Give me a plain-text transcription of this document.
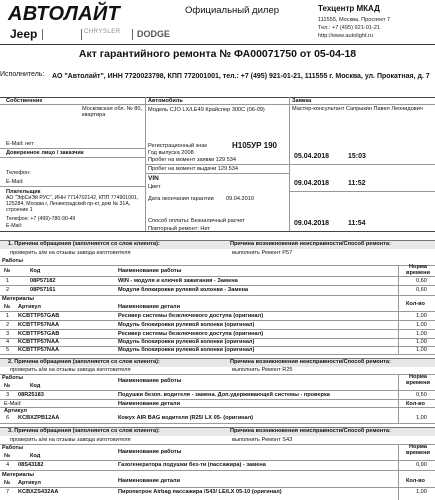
АВТОЛАЙТ
Jeep	CHRYSLER DODGE
Официальный дилер	Техцентр МКАД
111555, Москва, Проспект 7
Тел.: +7 (495) 921-01-21
http://www.autolight.ru
Акт гарантийного ремонта № ФА00071750 от 05-04-18
Исполнитель: АО "Автолайт", ИНН 7720023798, КПП 772001001, тел.: +7 (495) 921-01-21, 111555 г. Москва, ул. Прокатная, д. 7
Собственник	Автомобиль	Заявка
Московская обл. № 80, квартира
Модель CJO LX/LE49 Крайслер 300С (06-09)	Мастер-консультант Сапрыкин Павел Леонидович
E-Mail: нет
Доверенное лицо / заказчик
Телефон:
E-Mail:
Плательщик
АО "ЭфСиЭй РУС", ИНН 7714702142, КПП 774901001, 125284, Москва г, Ленинградский пр-кт, дом № 31А, строение 1
Телефон: +7 (499)-780-90-49
E-Mail:
Регистрационный знак	Н105УР 190
Год выпуска 2008
Пробег на момент заявки 129 534
Пробег на момент выдачи 129 534
VIN
Цвет
Дата окончания гарантии 09.04.2010
Способ оплаты: Безналичный расчет
Повторный ремонт: Нет
05.04.2018	15:03
09.04.2018	11:52
09.04.2018	11:54
1. Причина обращения (заполняется со слов клиента):	Причина возникновения неисправности/Способ ремонта:
проверить а/м на отзывы завода изготовителя	выполнить Ремонт Р57
Работы
№	Код	Наименование работы
Норма времени
1	08P57182	WIN - модуля и ключей зажигания - Замена	0,60
2	08P57161	Модуля блокировки рулевой колонки - Замена	0,60
Материалы
№ Артикул	Наименование детали	Кол-во
1 KCBTTP57GAB	Ресивер системы безключевого доступа (оригинал)	1,00
2 KCBTTP57NAA	Модуль блокировки рулевой колонки (оригинал)	1,00
3 KCBTTP57GAB	Ресивер системы безключевого доступа (оригинал)	1,00
4 KCBTTP57NAA	Модуль блокировки рулевой колонки (оригинал)	1,00
5 KCBTTP57NAA	Модуль блокировки рулевой колонки (оригинал)	1,00
2. Причина обращения (заполняется со слов клиента):	Причина возникновения неисправности/Способ ремонта:
проверить а/м на отзывы завода изготовителя	выполнить Ремонт R25
Работы
№	Код
Наименование работы
Норма времени
3 08R25183	Подушки безоп. водителя - замена. Доп.удерживающей системы - проверка	0,50
E-Mail:
Артикул
Наименование детали	Кол-во
6 KCBXZPB12AA	Кожух AIR BAG водителя (R25/ LX 05- (оригинал)	1,00
3. Причина обращения (заполняется со слов клиента):	Причина возникновения неисправности/Способ ремонта:
проверить а/м на отзывы завода изготовителя	выполнить Ремонт S43
Работы
№	Код
Наименование работы
Норма времени
4 08S43182	Газогенератора подушки без-ти (пассажира) - замена	0,90
Материалы
№ Артикул	Наименование детали	Кол-во
7 KCBXZS432AA	Пиропатрон Airbag пассажира /S43/ LE/LX 05-10 (оригинал)	1,00
